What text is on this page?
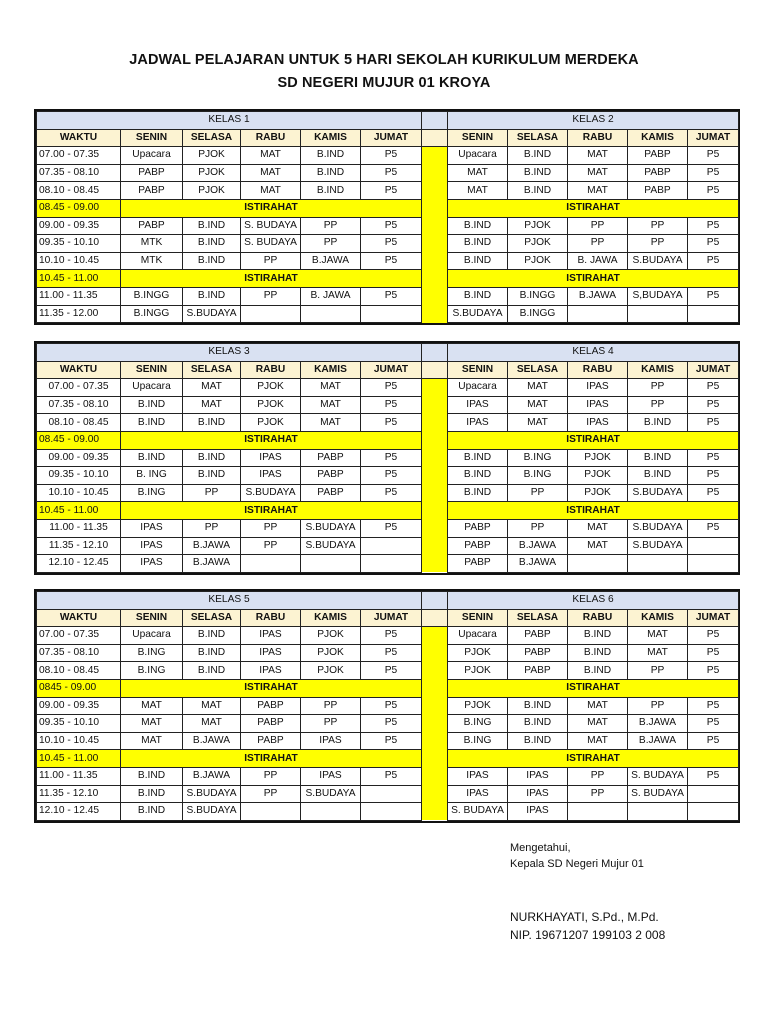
JADWAL PELAJARAN UNTUK 5 HARI SEKOLAH KURIKULUM MERDEKA
SD NEGERI MUJUR 01 KROYA
KELAS 1							KELAS 2				
WAKTU	SENIN	SELASA	RABU	KAMIS	JUMAT		SENIN	SELASA	RABU	KAMIS	JUMAT
07.00 - 07.35	Upacara	PJOK	MAT	B.IND	P5		Upacara	B.IND	MAT	PABP	P5
07.35 - 08.10	PABP	PJOK	MAT	B.IND	P5		MAT	B.IND	MAT	PABP	P5
08.10 - 08.45	PABP	PJOK	MAT	B.IND	P5		MAT	B.IND	MAT	PABP	P5
08.45 - 09.00	ISTIRAHAT						ISTIRAHAT				
09.00 - 09.35	PABP	B.IND	S. BUDAYA	PP	P5		B.IND	PJOK	PP	PP	P5
09.35 - 10.10	MTK	B.IND	S. BUDAYA	PP	P5		B.IND	PJOK	PP	PP	P5
10.10 - 10.45	MTK	B.IND	PP	B.JAWA	P5		B.IND	PJOK	B. JAWA	S.BUDAYA	P5
10.45 - 11.00	ISTIRAHAT						ISTIRAHAT				
11.00 - 11.35	B.INGG	B.IND	PP	B. JAWA	P5		B.IND	B.INGG	B.JAWA	S,BUDAYA	P5
11.35 - 12.00	B.INGG	S.BUDAYA					S.BUDAYA	B.INGG			
KELAS 3							KELAS 4				
WAKTU	SENIN	SELASA	RABU	KAMIS	JUMAT		SENIN	SELASA	RABU	KAMIS	JUMAT
07.00 - 07.35	Upacara	MAT	PJOK	MAT	P5		Upacara	MAT	IPAS	PP	P5
07.35 - 08.10	B.IND	MAT	PJOK	MAT	P5		IPAS	MAT	IPAS	PP	P5
08.10 - 08.45	B.IND	B.IND	PJOK	MAT	P5		IPAS	MAT	IPAS	B.IND	P5
08.45 - 09.00	ISTIRAHAT						ISTIRAHAT				
09.00 - 09.35	B.IND	B.IND	IPAS	PABP	P5		B.IND	B.ING	PJOK	B.IND	P5
09.35 - 10.10	B. ING	B.IND	IPAS	PABP	P5		B.IND	B.ING	PJOK	B.IND	P5
10.10 - 10.45	B.ING	PP	S.BUDAYA	PABP	P5		B.IND	PP	PJOK	S.BUDAYA	P5
10.45 - 11.00	ISTIRAHAT						ISTIRAHAT				
11.00 - 11.35	IPAS	PP	PP	S.BUDAYA	P5		PABP	PP	MAT	S.BUDAYA	P5
11.35 - 12.10	IPAS	B.JAWA	PP	S.BUDAYA			PABP	B.JAWA	MAT	S.BUDAYA	
12.10 - 12.45	IPAS	B.JAWA					PABP	B.JAWA			
KELAS 5							KELAS 6				
WAKTU	SENIN	SELASA	RABU	KAMIS	JUMAT		SENIN	SELASA	RABU	KAMIS	JUMAT
07.00 - 07.35	Upacara	B.IND	IPAS	PJOK	P5		Upacara	PABP	B.IND	MAT	P5
07.35 - 08.10	B.ING	B.IND	IPAS	PJOK	P5		PJOK	PABP	B.IND	MAT	P5
08.10 - 08.45	B.ING	B.IND	IPAS	PJOK	P5		PJOK	PABP	B.IND	PP	P5
0845 - 09.00	ISTIRAHAT						ISTIRAHAT				
09.00 - 09.35	MAT	MAT	PABP	PP	P5		PJOK	B.IND	MAT	PP	P5
09.35 - 10.10	MAT	MAT	PABP	PP	P5		B.ING	B.IND	MAT	B.JAWA	P5
10.10 - 10.45	MAT	B.JAWA	PABP	IPAS	P5		B.ING	B.IND	MAT	B.JAWA	P5
10.45 - 11.00	ISTIRAHAT						ISTIRAHAT				
11.00 - 11.35	B.IND	B.JAWA	PP	IPAS	P5		IPAS	IPAS	PP	S. BUDAYA	P5
11.35 - 12.10	B.IND	S.BUDAYA	PP	S.BUDAYA			IPAS	IPAS	PP	S. BUDAYA	
12.10 - 12.45	B.IND	S.BUDAYA					S. BUDAYA	IPAS			
Mengetahui,
Kepala SD Negeri Mujur 01
NURKHAYATI, S.Pd., M.Pd.
NIP. 19671207 199103 2 008
